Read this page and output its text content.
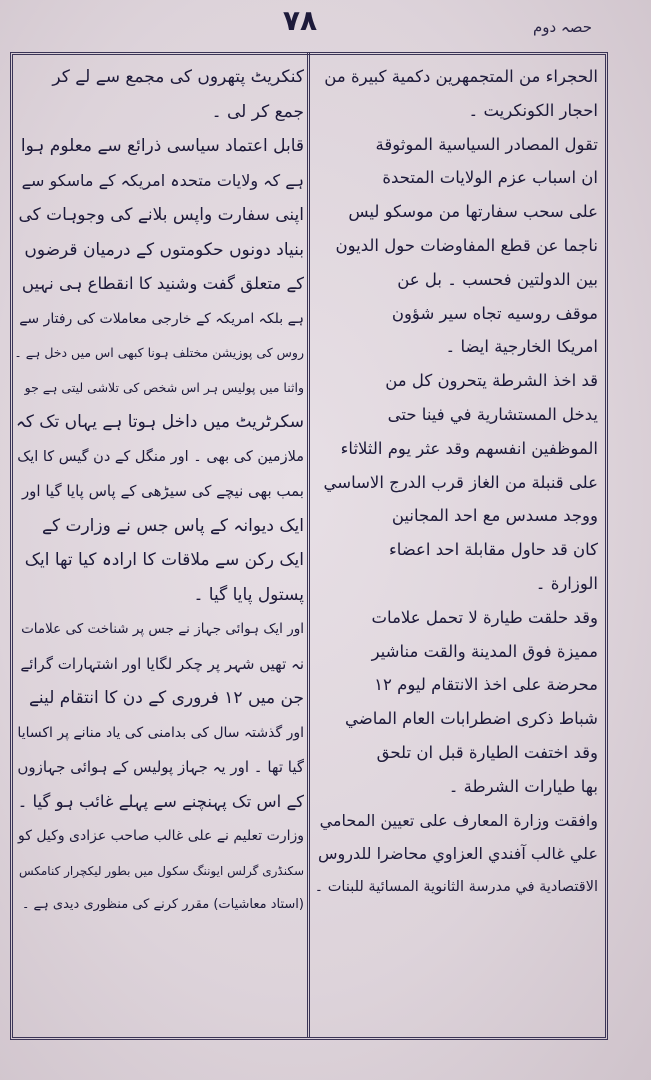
۷۸	حصہ دوم
کنکریٹ پتھروں کی مجمع سے لے کر
جمع کر لی ۔
قابل اعتماد سیاسی ذرائع سے معلوم ہوا
ہے کہ ولایات متحدہ امریکہ کے ماسکو سے
اپنی سفارت واپس بلانے کی وجوہات کی
بنیاد دونوں حکومتوں کے درمیان قرضوں
کے متعلق گفت وشنید کا انقطاع ہی نہیں
ہے بلکہ امریکہ کے خارجی معاملات کی رفتار سے
روس کی پوزیشن مختلف ہونا کبھی اس میں دخل ہے ۔
واثنا میں پولیس ہر اس شخص کی تلاشی لیتی ہے جو
سکرٹریٹ میں داخل ہوتا ہے یہاں تک کہ
ملازمین کی بھی ۔ اور منگل کے دن گیس کا ایک
بمب بھی نیچے کی سیڑھی کے پاس پایا گیا اور
ایک دیوانہ کے پاس جس نے وزارت کے
ایک رکن سے ملاقات کا ارادہ کیا تھا ایک
پستول پایا گیا ۔
اور ایک ہوائی جہاز نے جس پر شناخت کی علامات
نہ تھیں شہر پر چکر لگایا اور اشتہارات گرائے
جن میں ۱۲ فروری کے دن کا انتقام لینے
اور گذشتہ سال کی بدامنی کی یاد منانے پر اکسایا
گیا تھا ۔ اور یہ جہاز پولیس کے ہوائی جہازوں
کے اس تک پہنچنے سے پہلے غائب ہو گیا ۔
وزارت تعلیم نے علی غالب صاحب عزادی وکیل کو
سکنڈری گرلس ایوننگ سکول میں بطور لیکچرار کنامکس
(استاد معاشیات) مقرر کرنے کی منظوری دیدی ہے ۔
الحجراء من المتجمهرين دكمية كبيرة من
احجار الكونكريت ۔
تقول المصادر السياسية الموثوقة
ان اسباب عزم الولايات المتحدة
على سحب سفارتها من موسكو ليس
ناجما عن قطع المفاوضات حول الديون
بين الدولتين فحسب ۔ بل عن
موقف روسيه تجاه سير شؤون
امريكا الخارجية ايضا ۔
قد اخذ الشرطة يتحرون كل من
يدخل المستشارية في فينا حتى
الموظفين انفسهم وقد عثر يوم الثلاثاء
على قنبلة من الغاز قرب الدرج الاساسي
ووجد مسدس مع احد المجانين
كان قد حاول مقابلة احد اعضاء
الوزارة ۔
وقد حلقت طيارة لا تحمل علامات
مميزة فوق المدينة والقت مناشير
محرضة على اخذ الانتقام ليوم ۱۲
شباط ذكرى اضطرابات العام الماضي
وقد اختفت الطيارة قبل ان تلحق
بها طيارات الشرطة ۔
وافقت وزارة المعارف على تعيين المحامي
علي غالب آفندي العزاوي محاضرا للدروس
الاقتصادية في مدرسة الثانوية المسائية للبنات ۔
